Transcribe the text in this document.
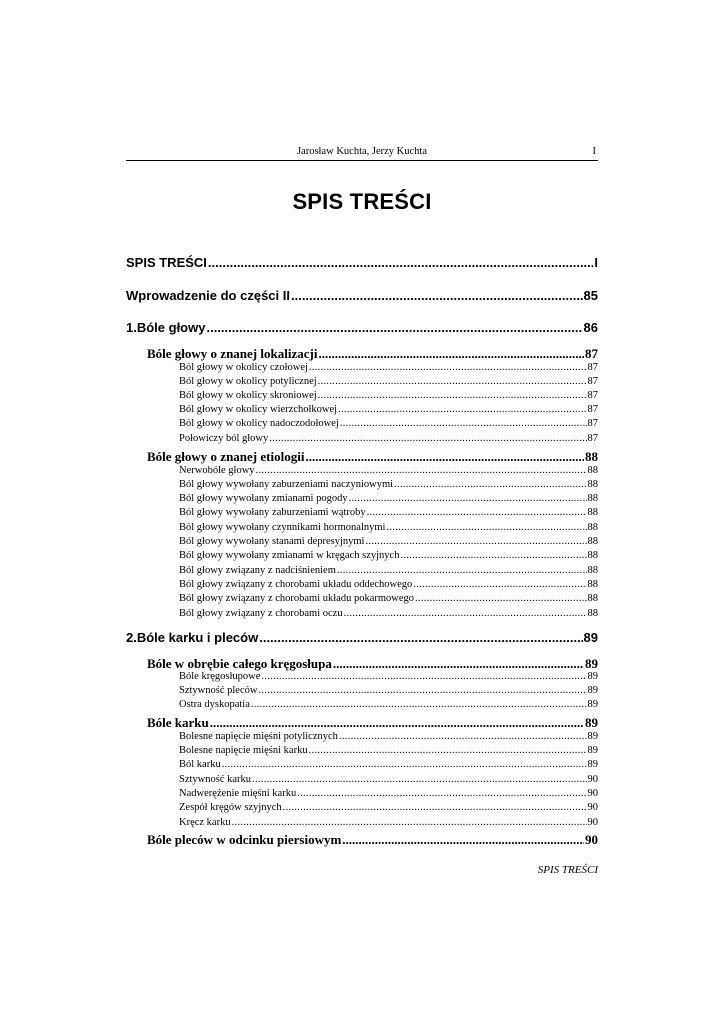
Jarosław Kuchta, Jerzy Kuchta	I
SPIS TREŚCI
SPIS TREŚCI .....	I
Wprowadzenie do części II .....	85
1.Bóle głowy .....	86
Bóle głowy o znanej lokalizacji .....	87
Ból głowy w okolicy czołowej .....	87
Ból głowy w okolicy potylicznej .....	87
Ból głowy w okolicy skroniowej .....	87
Ból głowy w okolicy wierzchołkowej .....	87
Ból głowy w okolicy nadoczodołowej .....	87
Połowiczy ból głowy .....	87
Bóle głowy o znanej etiologii .....	88
Nerwobóle głowy .....	88
Ból głowy wywołany zaburzeniami naczyniowymi .....	88
Ból głowy wywołany zmianami pogody .....	88
Ból głowy wywołany zaburzeniami wątroby .....	88
Ból głowy wywołany czynnikami hormonalnymi .....	88
Ból głowy wywołany stanami depresyjnymi .....	88
Ból głowy wywołany zmianami w kręgach szyjnych .....	88
Ból głowy związany z nadciśnieniem .....	88
Ból głowy związany z chorobami układu oddechowego .....	88
Ból głowy związany z chorobami układu pokarmowego .....	88
Ból głowy związany z chorobami oczu .....	88
2.Bóle karku i pleców .....	89
Bóle w obrębie całego kręgosłupa .....	89
Bóle kręgosłupowe .....	89
Sztywność pleców .....	89
Ostra dyskopatia .....	89
Bóle karku .....	89
Bolesne napięcie mięśni potylicznych .....	89
Bolesne napięcie mięśni karku .....	89
Ból karku .....	89
Sztywność karku .....	90
Nadwerężenie mięśni karku .....	90
Zespół kręgów szyjnych .....	90
Kręcz karku .....	90
Bóle pleców w odcinku piersiowym .....	90
SPIS TREŚCI
